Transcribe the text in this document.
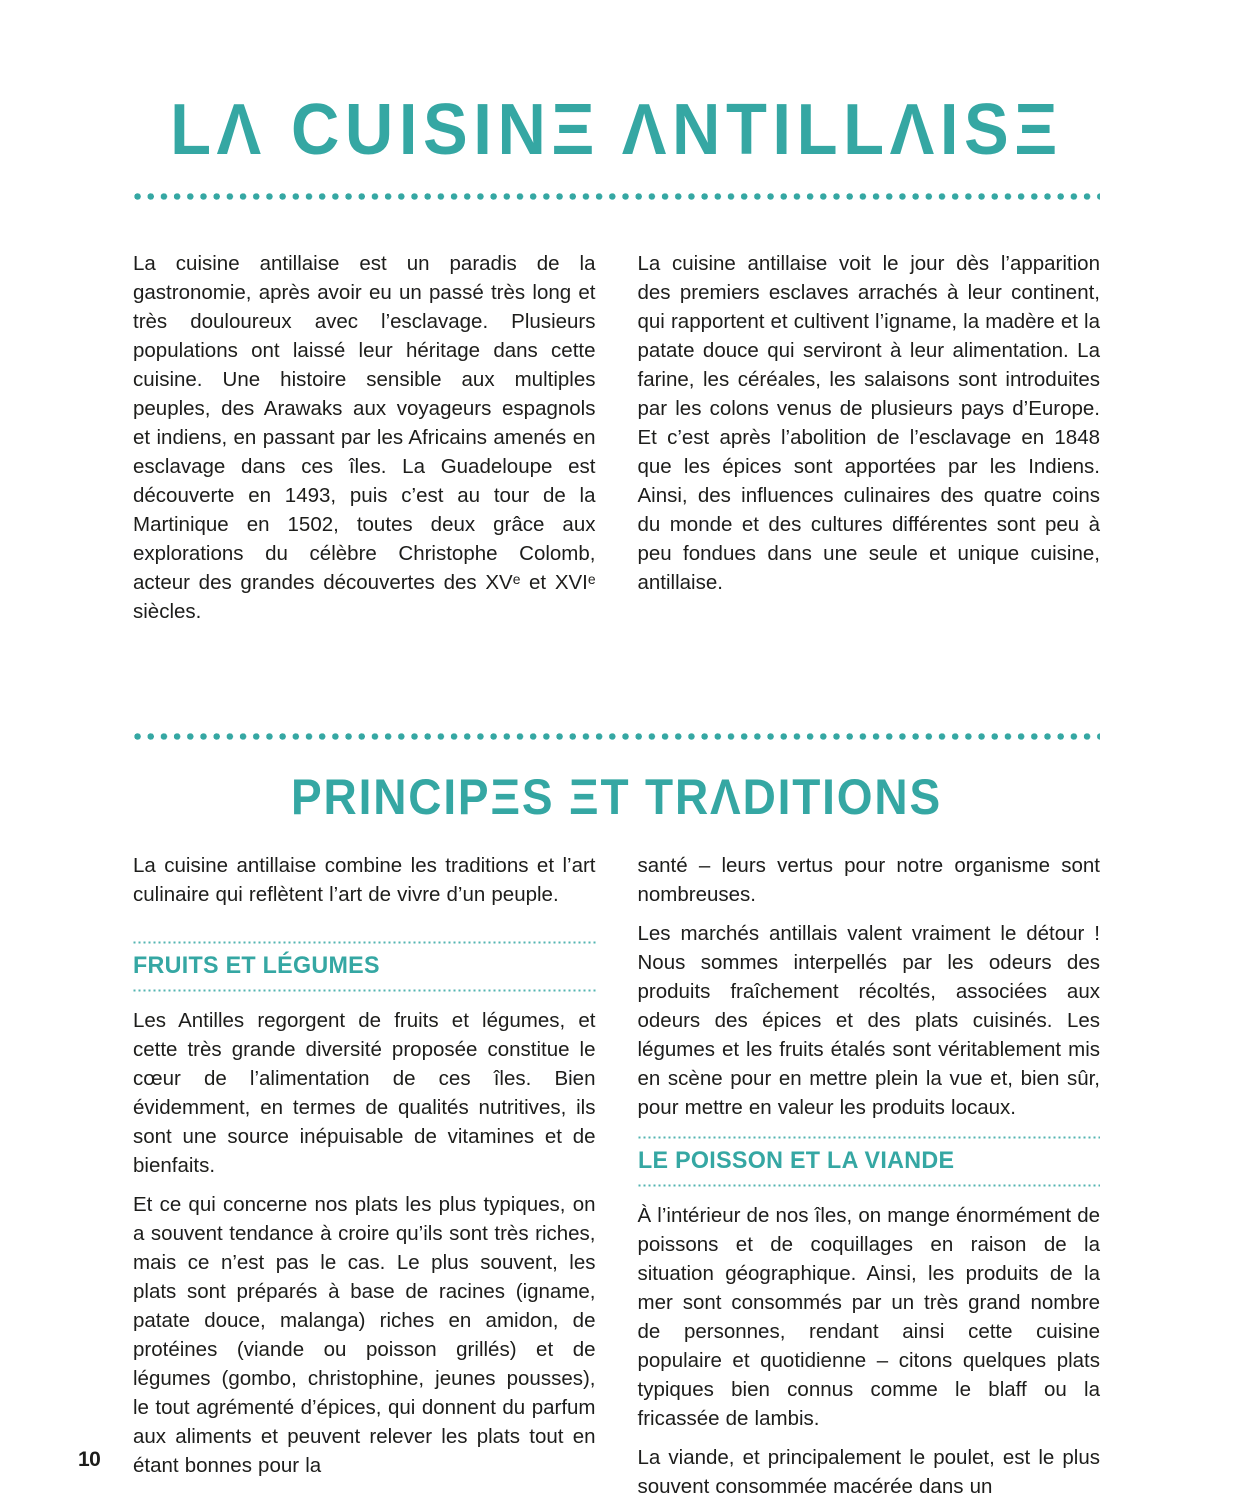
LΛ CUISINΞ ΛNTILLΛISΞ

La cuisine antillaise est un paradis de la gastronomie, après avoir eu un passé très long et très douloureux avec l’esclavage. Plusieurs populations ont laissé leur héritage dans cette cuisine. Une histoire sensible aux multiples peuples, des Arawaks aux voyageurs espagnols et indiens, en passant par les Africains amenés en esclavage dans ces îles. La Guadeloupe est découverte en 1493, puis c’est au tour de la Martinique en 1502, toutes deux grâce aux explorations du célèbre Christophe Colomb, acteur des grandes découvertes des XVᵉ et XVIᵉ siècles.

La cuisine antillaise voit le jour dès l’apparition des premiers esclaves arrachés à leur continent, qui rapportent et cultivent l’igname, la madère et la patate douce qui serviront à leur alimentation. La farine, les céréales, les salaisons sont introduites par les colons venus de plusieurs pays d’Europe. Et c’est après l’abolition de l’esclavage en 1848 que les épices sont apportées par les Indiens. Ainsi, des influences culinaires des quatre coins du monde et des cultures différentes sont peu à peu fondues dans une seule et unique cuisine, antillaise.

PRINCIPΞS ΞT TRΛDITIONS

La cuisine antillaise combine les traditions et l’art culinaire qui reflètent l’art de vivre d’un peuple.

FRUITS ET LÉGUMES

Les Antilles regorgent de fruits et légumes, et cette très grande diversité proposée constitue le cœur de l’alimentation de ces îles. Bien évidemment, en termes de qualités nutritives, ils sont une source inépuisable de vitamines et de bienfaits.

Et ce qui concerne nos plats les plus typiques, on a souvent tendance à croire qu’ils sont très riches, mais ce n’est pas le cas. Le plus souvent, les plats sont préparés à base de racines (igname, patate douce, malanga) riches en amidon, de protéines (viande ou poisson grillés) et de légumes (gombo, christophine, jeunes pousses), le tout agrémenté d’épices, qui donnent du parfum aux aliments et peuvent relever les plats tout en étant bonnes pour la

santé – leurs vertus pour notre organisme sont nombreuses.

Les marchés antillais valent vraiment le détour ! Nous sommes interpellés par les odeurs des produits fraîchement récoltés, associées aux odeurs des épices et des plats cuisinés. Les légumes et les fruits étalés sont véritablement mis en scène pour en mettre plein la vue et, bien sûr, pour mettre en valeur les produits locaux.

LE POISSON ET LA VIANDE

À l’intérieur de nos îles, on mange énormément de poissons et de coquillages en raison de la situation géographique. Ainsi, les produits de la mer sont consommés par un très grand nombre de personnes, rendant ainsi cette cuisine populaire et quotidienne – citons quelques plats typiques bien connus comme le blaff ou la fricassée de lambis.

La viande, et principalement le poulet, est le plus souvent consommée macérée dans un

10
